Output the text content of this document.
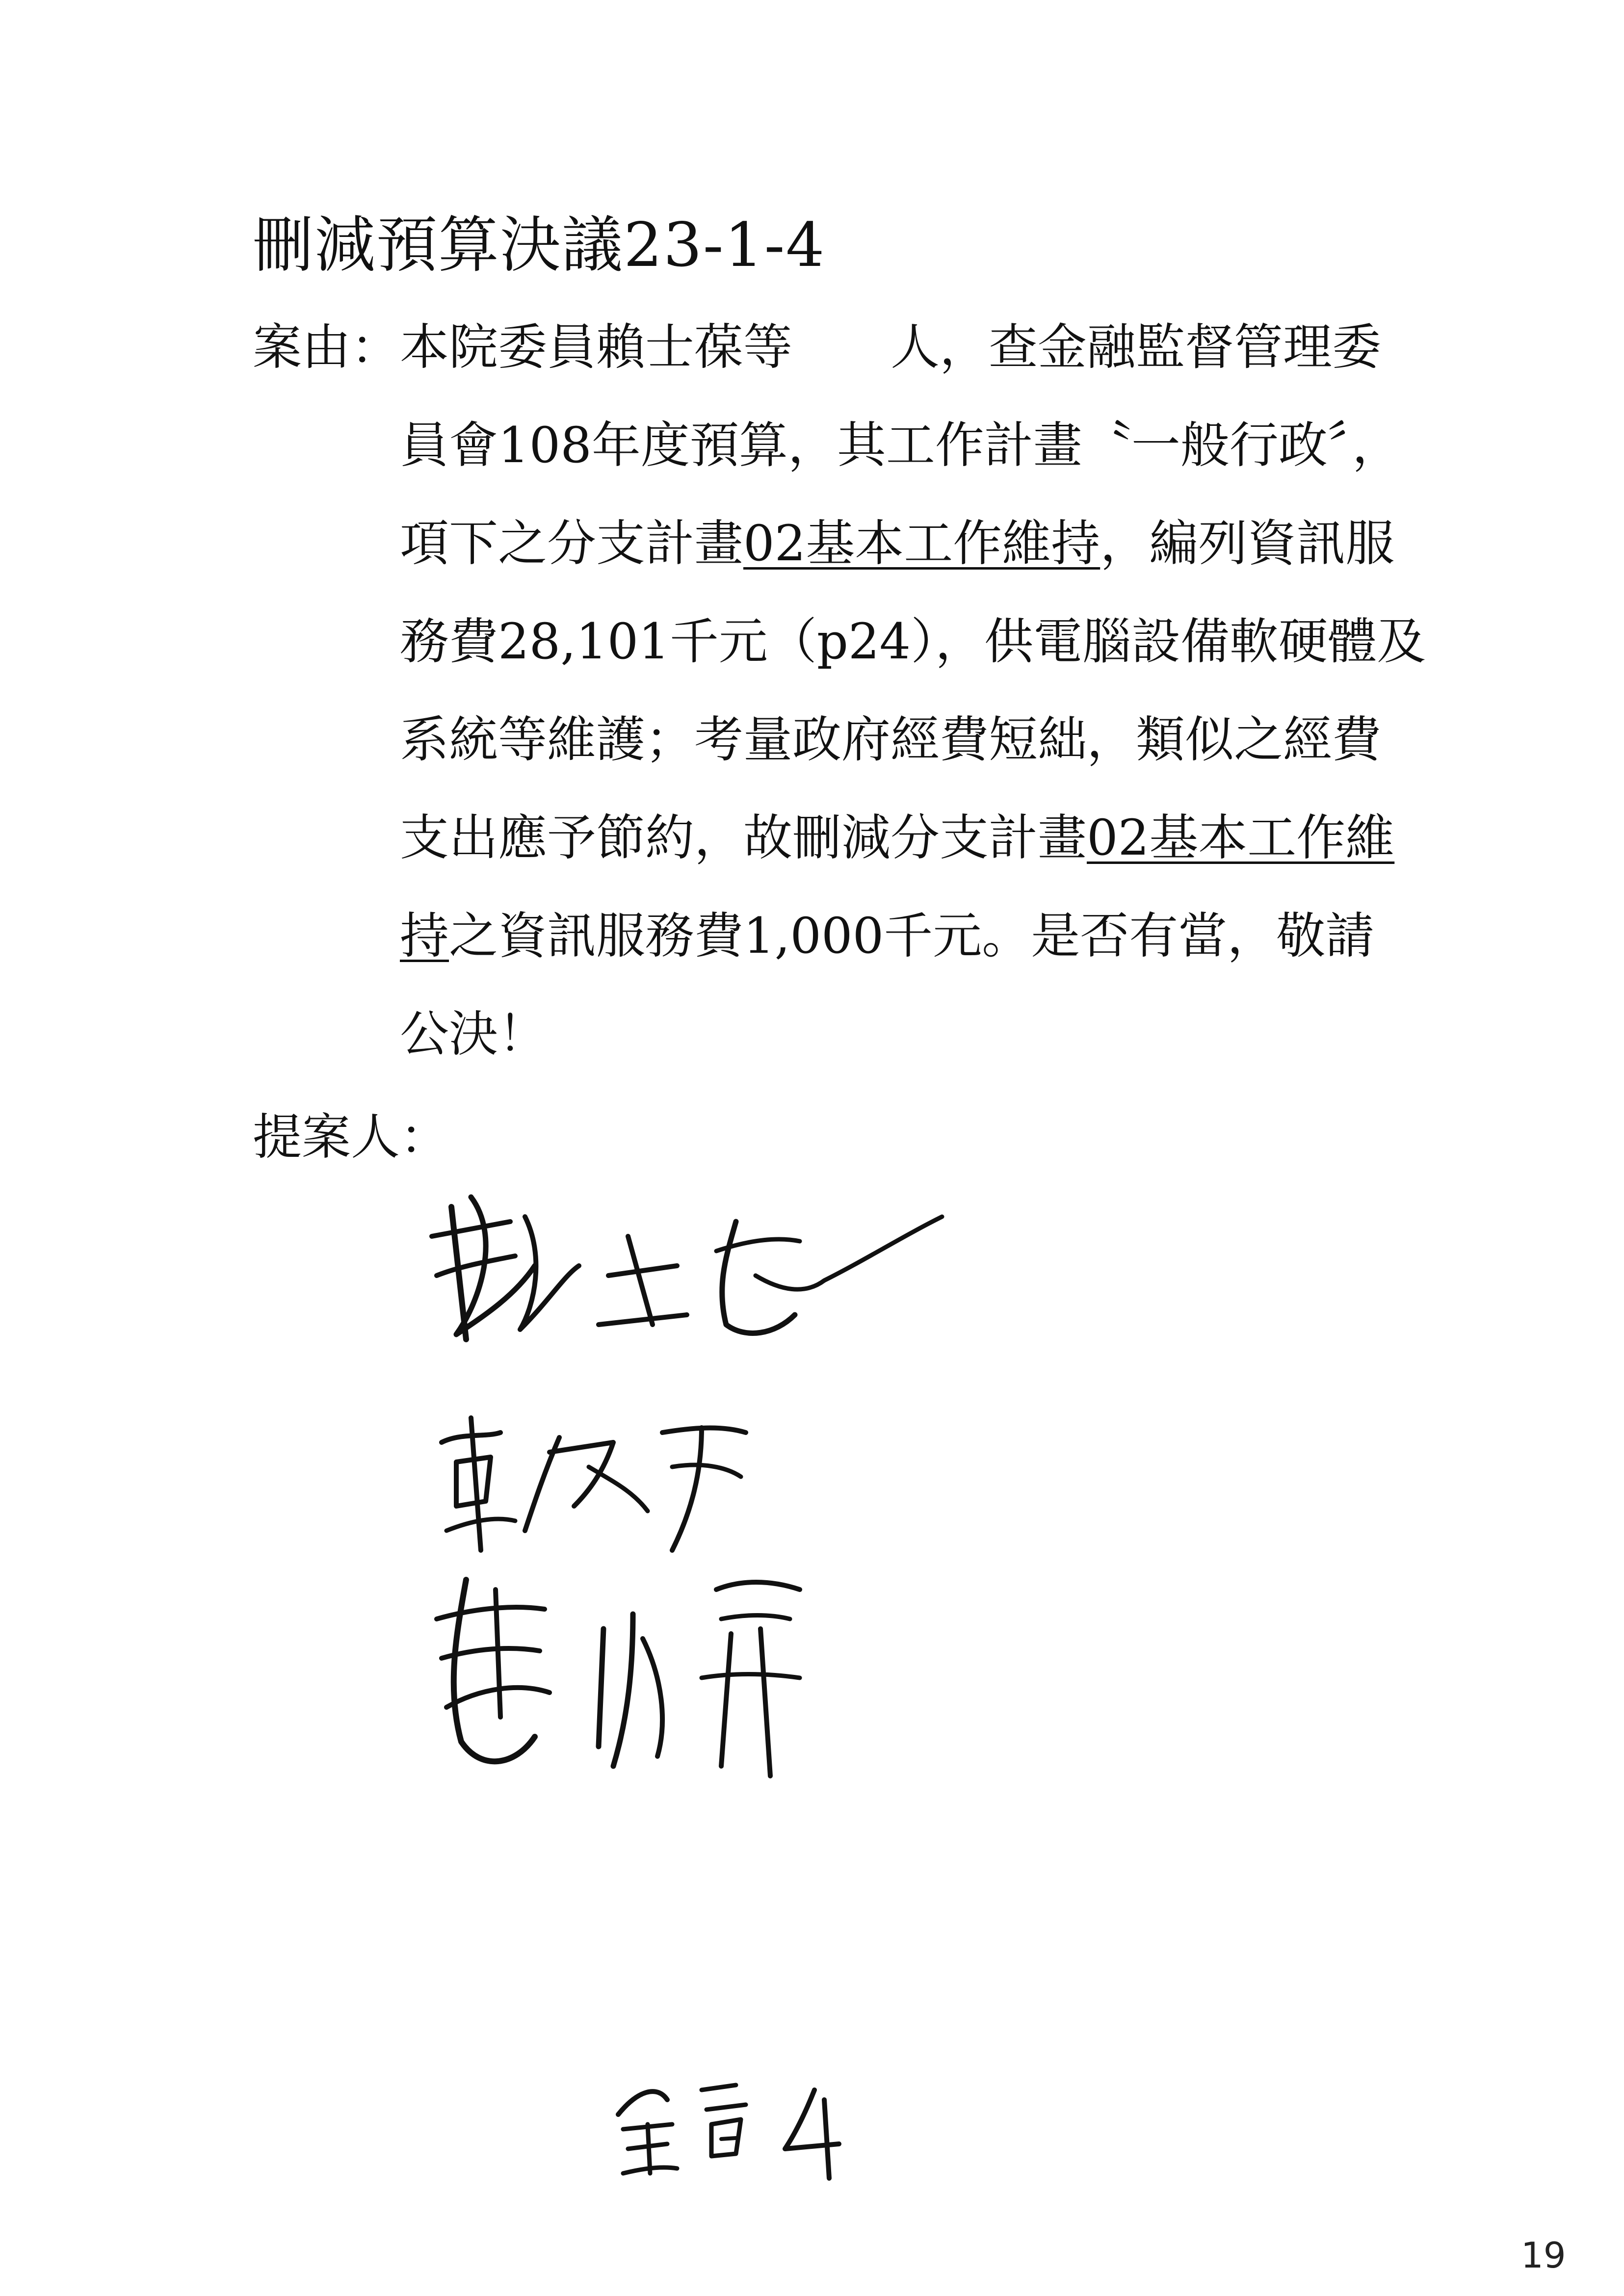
刪減預算決議23-1-4
案由： 本院委員賴士葆等　　人，查金融監督管理委
員會108年度預算，其工作計畫〝一般行政〞，
項下之分支計畫02基本工作維持，編列資訊服
務費28,101千元（p24），供電腦設備軟硬體及
系統等維護；考量政府經費短絀，類似之經費
支出應予節約，故刪減分支計畫02基本工作維
持之資訊服務費1,000千元。是否有當，敬請
公決！
提案人：
19
